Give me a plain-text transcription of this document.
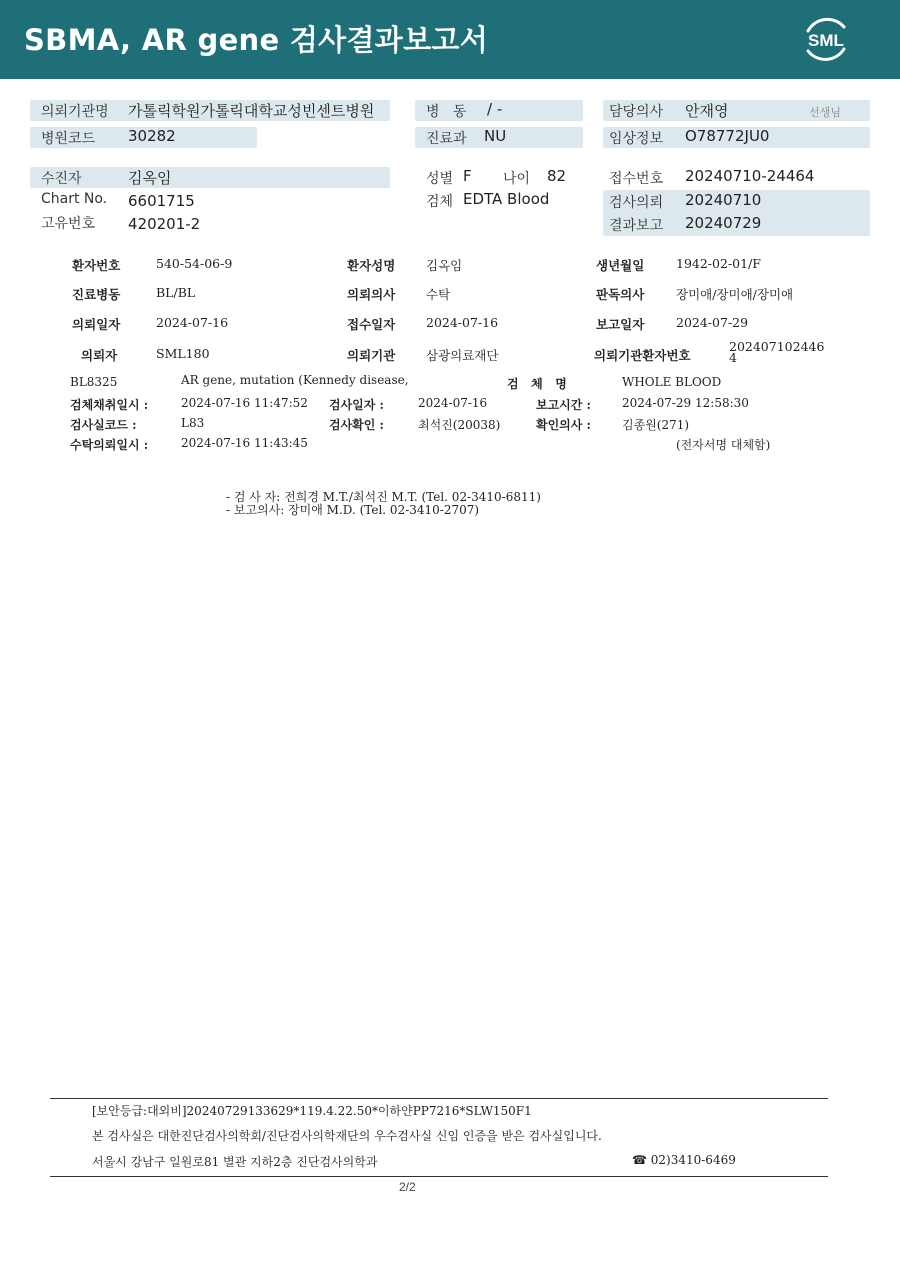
SBMA, AR gene 검사결과보고서	SML
의뢰기관명 가톨릭학원가톨릭대학교성빈센트병원	병   동 / -	담당의사 안재영	선생님
병원코드 30282	진료과 NU	임상정보 O78772JU0
수진자	김옥임	성별 F 나이 82	접수번호 20240710-24464
Chart No. 6601715	검체 EDTA Blood	검사의뢰 20240710
고유번호 420201-2	결과보고 20240729
환자번호	540-54-06-9	환자성명 김옥임	생년월일	1942-02-01/F
진료병동	BL/BL	의뢰의사 수탁	판독의사	장미애/장미애/장미애
의뢰일자	2024-07-16	접수일자 2024-07-16	보고일자	2024-07-29
의뢰자	SML180	의뢰기관 삼광의료재단	의뢰기관환자번호
202407102446
4
BL8325	AR gene, mutation (Kennedy disease,	검   체   명	WHOLE BLOOD
검체채취일시 :	2024-07-16 11:47:52 검사일자 :	2024-07-16	보고시간 :	2024-07-29 12:58:30
검사실코드 :	L83	검사확인 :	최석진(20038)	확인의사 :	김종원(271)
수탁의뢰일시 :	2024-07-16 11:43:45	(전자서명 대체함)
- 검 사 자: 전희경 M.T./최석진 M.T. (Tel. 02-3410-6811)
- 보고의사: 장미애 M.D. (Tel. 02-3410-2707)
[보안등급:대외비]20240729133629*119.4.22.50*이하얀PP7216*SLW150F1
본 검사실은 대한진단검사의학회/진단검사의학재단의 우수검사실 신임 인증을 받은 검사실입니다.
서울시 강남구 일원로81 별관 지하2층 진단검사의학과	☎ 02)3410-6469
2/2
